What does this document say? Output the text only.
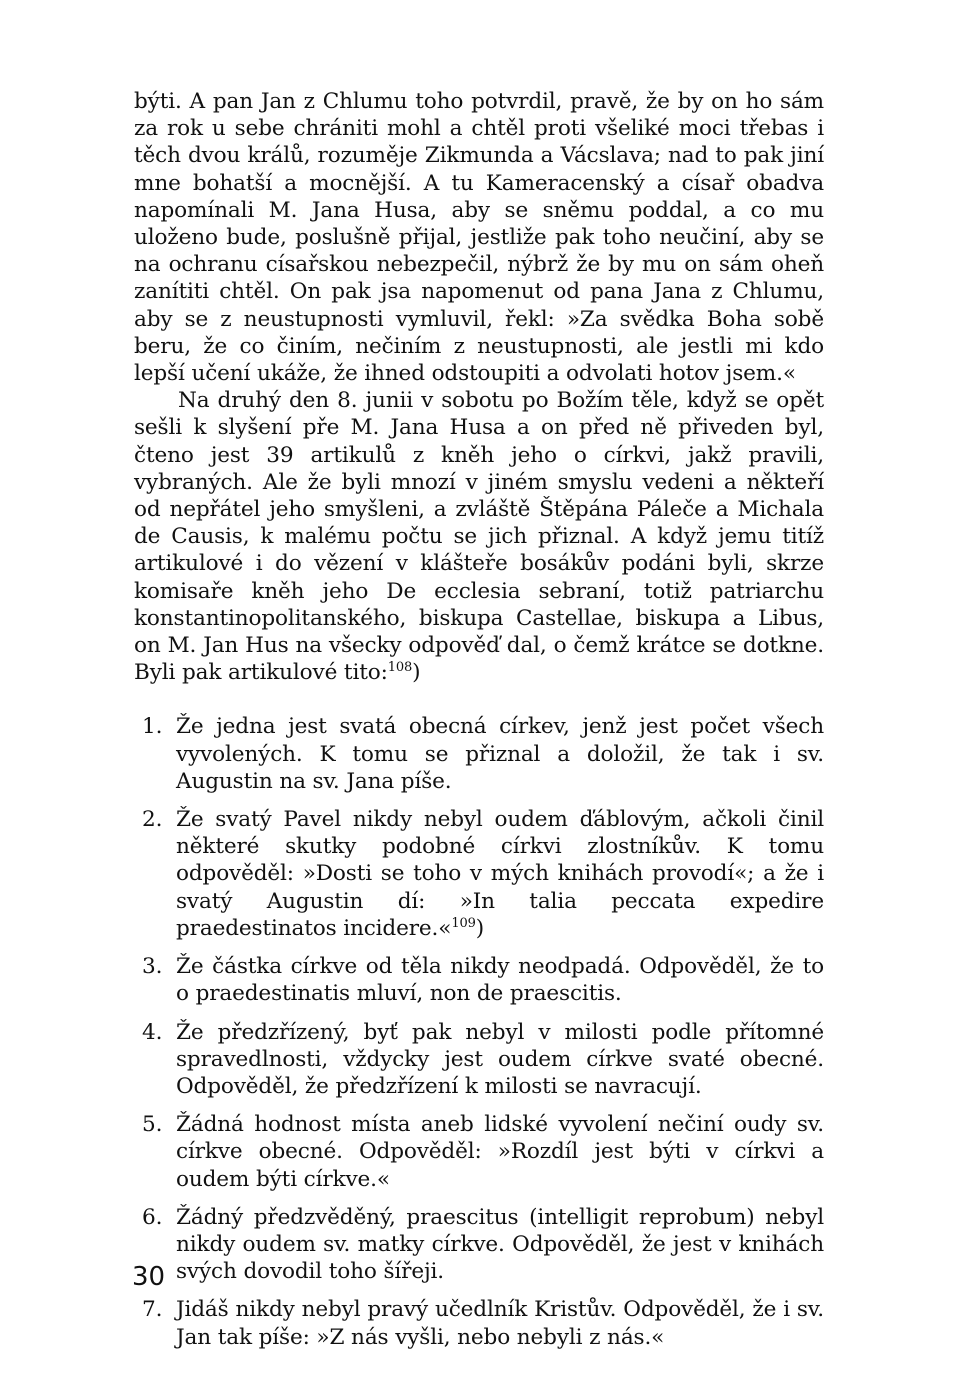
býti. A pan Jan z Chlumu toho potvrdil, pravě, že by on ho sám za rok u sebe chrániti mohl a chtěl proti všeliké moci třebas i těch dvou králů, rozuměje Zikmunda a Vácslava; nad to pak jiní mne bohatší a mocnější. A tu Kameracenský a císař obadva napomínali M. Jana Husa, aby se sněmu poddal, a co mu uloženo bude, poslušně přijal, jestliže pak toho neučiní, aby se na ochranu císařskou nebezpečil, nýbrž že by mu on sám oheň zanítiti chtěl. On pak jsa napomenut od pana Jana z Chlumu, aby se z neustupnosti vymluvil, řekl: »Za svědka Boha sobě beru, že co činím, nečiním z neustupnosti, ale jestli mi kdo lepší učení ukáže, že ihned odstoupiti a odvolati hotov jsem.«

Na druhý den 8. junii v sobotu po Božím těle, když se opět sešli k slyšení pře M. Jana Husa a on před ně přiveden byl, čteno jest 39 artikulů z kněh jeho o církvi, jakž pravili, vybraných. Ale že byli mnozí v jiném smyslu vedeni a někteří od nepřátel jeho smyšleni, a zvláště Štěpána Páleče a Michala de Causis, k malému počtu se jich přiznal. A když jemu titíž artikulové i do vězení v klášteře bosákův podáni byli, skrze komisaře kněh jeho De ecclesia sebraní, totiž patriarchu konstantinopolitanského, biskupa Castellae, biskupa a Libus, on M. Jan Hus na všecky odpověď dal, o čemž krátce se dotkne. Byli pak artikulové tito:$^{108}$)

1. Že jedna jest svatá obecná církev, jenž jest počet všech vyvolených. K tomu se přiznal a doložil, že tak i sv. Augustin na sv. Jana píše.
2. Že svatý Pavel nikdy nebyl oudem ďáblovým, ačkoli činil některé skutky podobné církvi zlostníkův. K tomu odpověděl: »Dosti se toho v mých knihách provodí«; a že i svatý Augustin dí: »In talia peccata expedire praedestinatos incidere.«$^{109}$)
3. Že částka církve od těla nikdy neodpadá. Odpověděl, že to o praedestinatis mluví, non de praescitis.
4. Že předzřízený, byť pak nebyl v milosti podle přítomné spravedlnosti, vždycky jest oudem církve svaté obecné. Odpověděl, že předzřízení k milosti se navracují.
5. Žádná hodnost místa aneb lidské vyvolení nečiní oudy sv. církve obecné. Odpověděl: »Rozdíl jest býti v církvi a oudem býti církve.«
6. Žádný předzvěděný, praescitus (intelligit reprobum) nebyl nikdy oudem sv. matky církve. Odpověděl, že jest v knihách svých dovodil toho šířeji.
7. Jidáš nikdy nebyl pravý učedlník Kristův. Odpověděl, že i sv. Jan tak píše: »Z nás vyšli, nebo nebyli z nás.«
30
